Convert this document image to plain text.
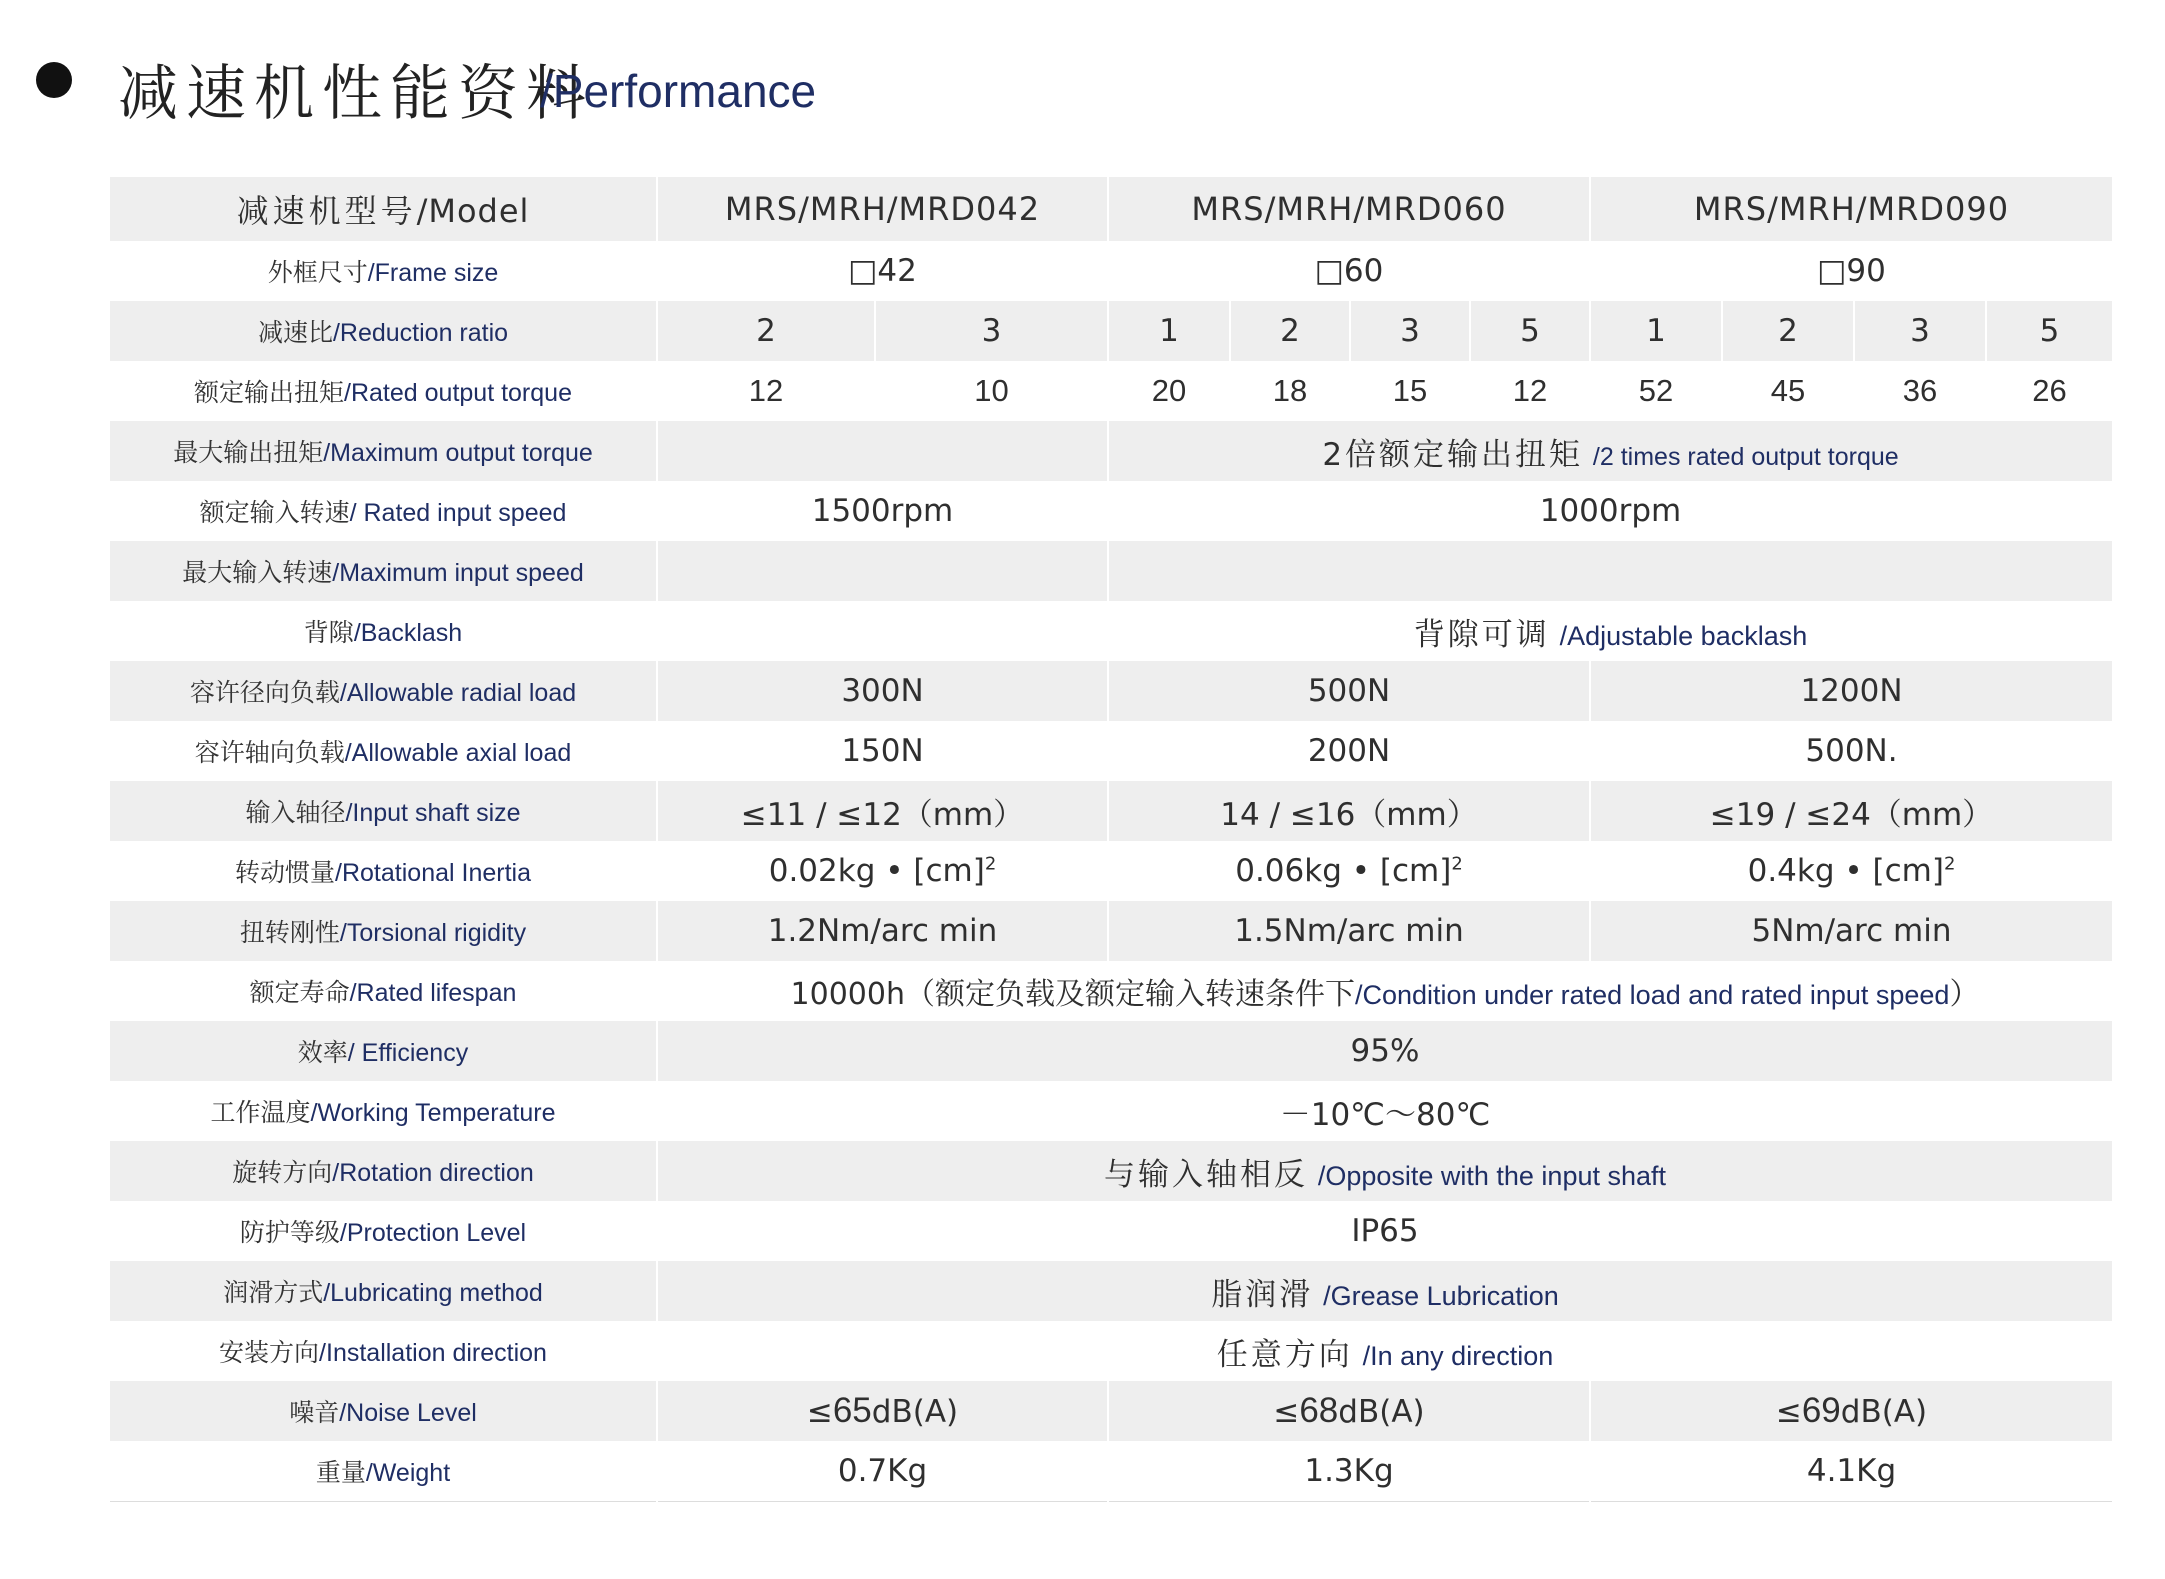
减速机性能资料
/Performance
减速机型号/Model	MRS/MRH/MRD042		MRS/MRH/MRD060				MRS/MRH/MRD090			
外框尺寸/Frame size	□42		□60				□90			
减速比/Reduction ratio	2	3	1	2	3	5	1	2	3	5
额定输出扭矩/Rated output torque	12	10	20	18	15	12	52	45	36	26
最大输出扭矩/Maximum output torque			2倍额定输出扭矩 /2 times rated output torque							
额定输入转速/ Rated input speed	1500rpm		1000rpm							
最大输入转速/Maximum input speed										
背隙/Backlash			背隙可调 /Adjustable backlash							
容许径向负载/Allowable radial load	300N		500N				1200N			
容许轴向负载/Allowable axial load	150N		200N				500N.			
输入轴径/Input shaft size	≤11 / ≤12（mm）		14 / ≤16（mm）				≤19 / ≤24（mm）			
转动惯量/Rotational Inertia	0.02kg • [cm]$^2$		0.06kg • [cm]$^2$				0.4kg • [cm]$^2$
扭转刚性/Torsional rigidity	1.2Nm/arc min		1.5Nm/arc min				5Nm/arc min			
额定寿命/Rated lifespan	10000h（额定负载及额定输入转速条件下/Condition under rated load and rated input speed）									
效率/ Efficiency	95%									
工作温度/Working Temperature	－10℃～80℃									
旋转方向/Rotation direction	与输入轴相反 /Opposite with the input shaft									
防护等级/Protection Level	IP65									
润滑方式/Lubricating method	脂润滑 /Grease Lubrication									
安装方向/Installation direction	任意方向 /In any direction									
噪音/Noise Level	≤65dB(A)		≤68dB(A)				≤69dB(A)			
重量/Weight	0.7Kg		1.3Kg				4.1Kg			
